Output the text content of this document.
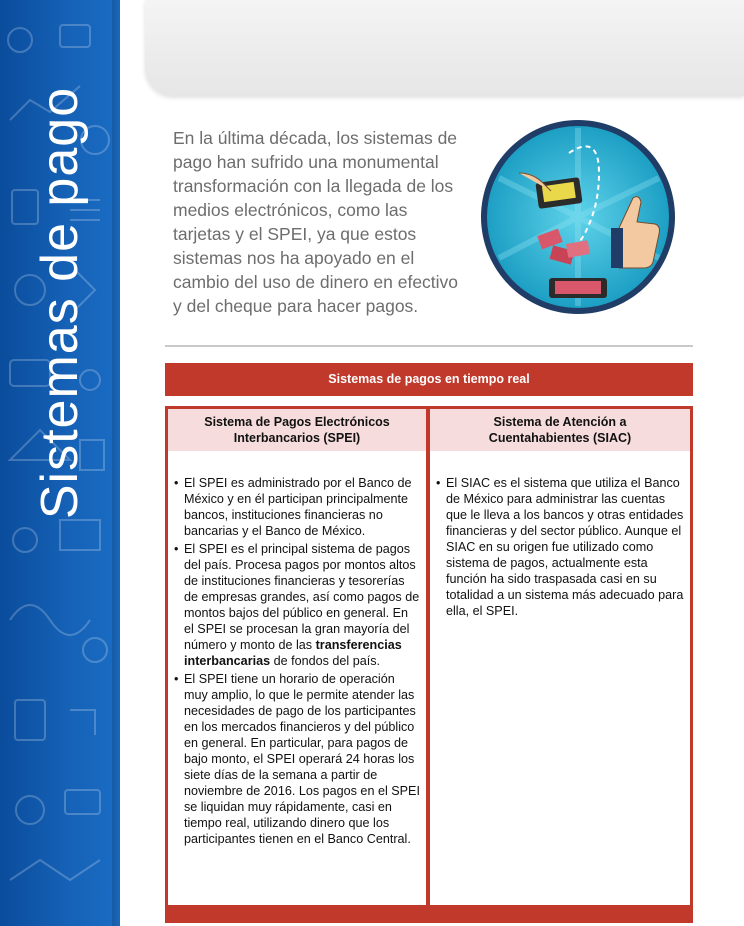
Sistemas de pago	En la última década, los sistemas de pago han sufrido una monumental transformación con la llegada de los medios electrónicos, como las tarjetas y el SPEI, ya que estos sistemas nos ha apoyado en el cambio del uso de dinero en efectivo y del cheque para hacer pagos.
Sistemas de pagos en tiempo real
Sistema de Pagos Electrónicos Interbancarios (SPEI)
• El SPEI es administrado por el Banco de México y en él participan principalmente bancos, instituciones financieras no bancarias y el Banco de México.
• El SPEI es el principal sistema de pagos del país. Procesa pagos por montos altos de instituciones financieras y tesorerías de empresas grandes, así como pagos de montos bajos del público en general. En el SPEI se procesan la gran mayoría del número y monto de las transferencias interbancarias de fondos del país.
• El SPEI tiene un horario de operación muy amplio, lo que le permite atender las necesidades de pago de los participantes en los mercados financieros y del público en general. En particular, para pagos de bajo monto, el SPEI operará 24 horas los siete días de la semana a partir de noviembre de 2016. Los pagos en el SPEI se liquidan muy rápidamente, casi en tiempo real, utilizando dinero que los participantes tienen en el Banco Central.
Sistema de Atención a Cuentahabientes (SIAC)
• El SIAC es el sistema que utiliza el Banco de México para administrar las cuentas que le lleva a los bancos y otras entidades financieras y del sector público. Aunque el SIAC en su origen fue utilizado como sistema de pagos, actualmente esta función ha sido traspasada casi en su totalidad a un sistema más adecuado para ella, el SPEI.
